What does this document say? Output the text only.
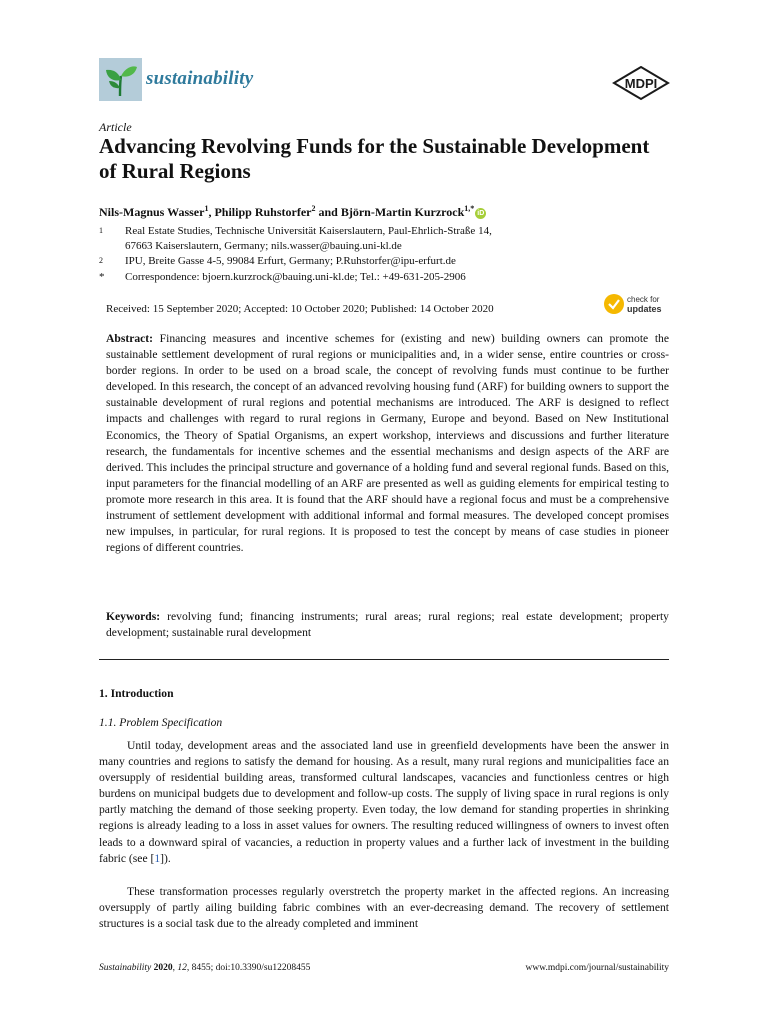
sustainability	MDPI
Article
Advancing Revolving Funds for the Sustainable Development of Rural Regions
Nils-Magnus Wasser$^1$, Philipp Ruhstorfer$^2$ and Björn-Martin Kurzrock$^{1,*}$iD
1 Real Estate Studies, Technische Universität Kaiserslautern, Paul-Ehrlich-Straße 14,
67663 Kaiserslautern, Germany; nils.wasser@bauing.uni-kl.de
2 IPU, Breite Gasse 4-5, 99084 Erfurt, Germany; P.Ruhstorfer@ipu-erfurt.de
* Correspondence: bjoern.kurzrock@bauing.uni-kl.de; Tel.: +49-631-205-2906
Received: 15 September 2020; Accepted: 10 October 2020; Published: 14 October 2020
check for
updates

Abstract: Financing measures and incentive schemes for (existing and new) building owners can promote the sustainable settlement development of rural regions or municipalities and, in a wider sense, entire countries or cross-border regions. In order to be used on a broad scale, the concept of revolving funds must continue to be further developed. In this research, the concept of an advanced revolving housing fund (ARF) for building owners to support the sustainable development of rural regions and potential mechanisms are introduced. The ARF is designed to reflect impacts and challenges with regard to rural regions in Germany, Europe and beyond. Based on New Institutional Economics, the Theory of Spatial Organisms, an expert workshop, interviews and discussions and further literature research, the fundamentals for incentive schemes and the essential mechanisms and design aspects of the ARF are derived. This includes the principal structure and governance of a holding fund and several regional funds. Based on this, input parameters for the financial modelling of an ARF are presented as well as guiding elements for empirical testing to promote more research in this area. It is found that the ARF should have a regional focus and must be a comprehensive instrument of settlement development with additional informal and formal measures. The developed concept promises new impulses, in particular, for rural regions. It is proposed to test the concept by means of case studies in pioneer regions of different countries.

Keywords: revolving fund; financing instruments; rural areas; rural regions; real estate development; property development; sustainable rural development

1. Introduction
1.1. Problem Specification

Until today, development areas and the associated land use in greenfield developments have been the answer in many countries and regions to satisfy the demand for housing. As a result, many rural regions and municipalities face an oversupply of residential building areas, transformed cultural landscapes, vacancies and functionless centres or high burdens on municipal budgets due to development and follow-up costs. The supply of living space in rural regions is only partly matching the demand of those seeking property. Even today, the low demand for standing properties in shrinking regions is already leading to a loss in asset values for owners. The resulting reduced willingness of owners to invest often leads to a downward spiral of vacancies, a reduction in property values and a further lack of investment in the building fabric (see [1]).

These transformation processes regularly overstretch the property market in the affected regions. An increasing oversupply of partly ailing building fabric combines with an ever-decreasing demand. The recovery of settlement structures is a social task due to the already completed and imminent

Sustainability 2020, 12, 8455; doi:10.3390/su12208455	www.mdpi.com/journal/sustainability
